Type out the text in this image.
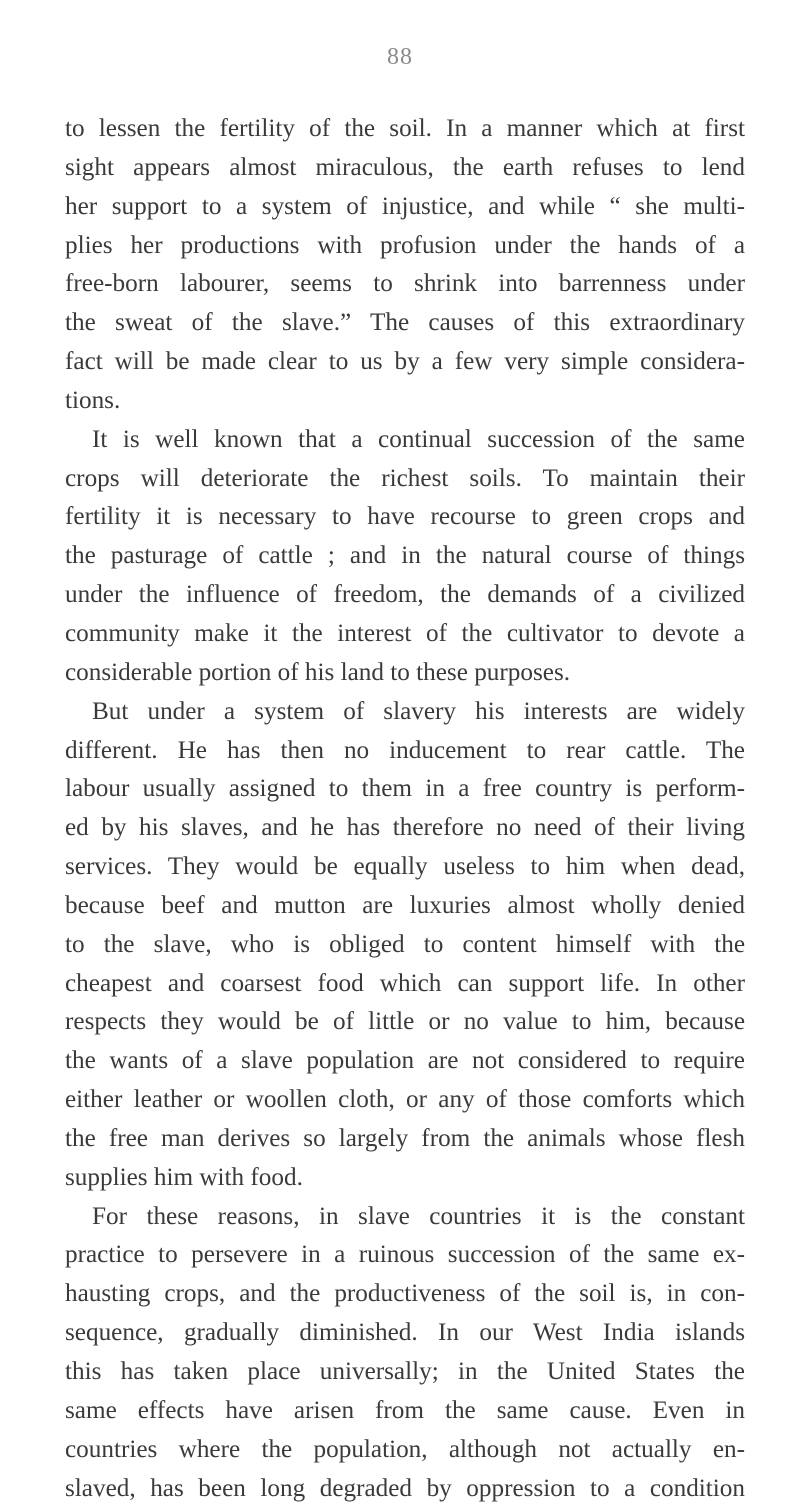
88
to lessen the fertility of the soil. In a manner which at first
sight appears almost miraculous, the earth refuses to lend
her support to a system of injustice, and while “ she multi-
plies her productions with profusion under the hands of a
free-born labourer, seems to shrink into barrenness under
the sweat of the slave.” The causes of this extraordinary
fact will be made clear to us by a few very simple considera-
tions.
It is well known that a continual succession of the same
crops will deteriorate the richest soils. To maintain their
fertility it is necessary to have recourse to green crops and
the pasturage of cattle ; and in the natural course of things
under the influence of freedom, the demands of a civilized
community make it the interest of the cultivator to devote a
considerable portion of his land to these purposes.
But under a system of slavery his interests are widely
different. He has then no inducement to rear cattle. The
labour usually assigned to them in a free country is perform-
ed by his slaves, and he has therefore no need of their living
services. They would be equally useless to him when dead,
because beef and mutton are luxuries almost wholly denied
to the slave, who is obliged to content himself with the
cheapest and coarsest food which can support life. In other
respects they would be of little or no value to him, because
the wants of a slave population are not considered to require
either leather or woollen cloth, or any of those comforts which
the free man derives so largely from the animals whose flesh
supplies him with food.
For these reasons, in slave countries it is the constant
practice to persevere in a ruinous succession of the same ex-
hausting crops, and the productiveness of the soil is, in con-
sequence, gradually diminished. In our West India islands
this has taken place universally; in the United States the
same effects have arisen from the same cause. Even in
countries where the population, although not actually en-
slaved, has been long degraded by oppression to a condition
